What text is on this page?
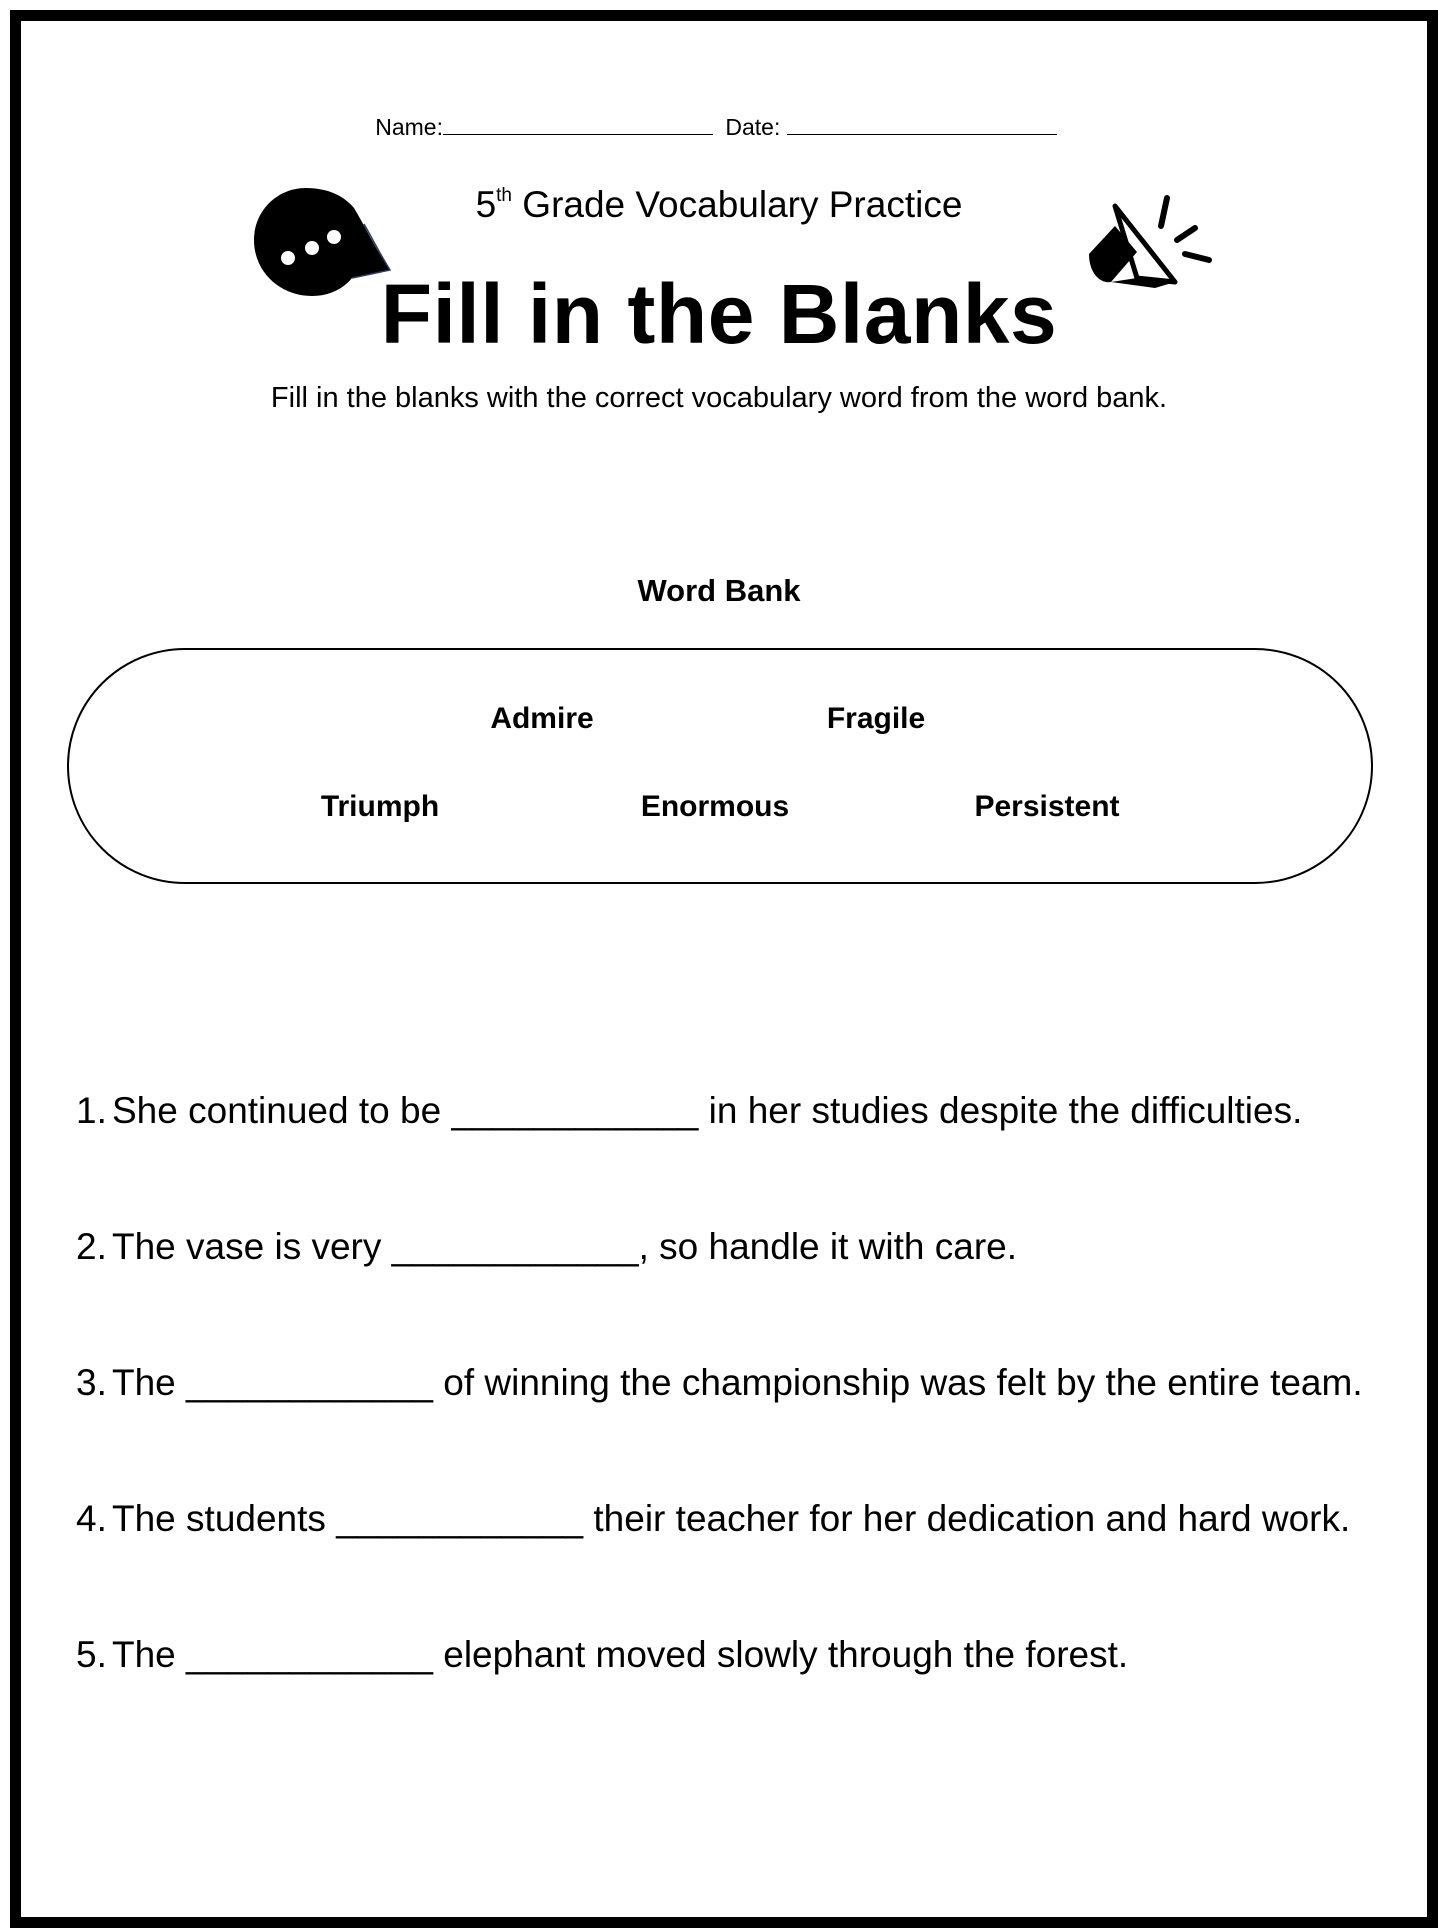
Name:	Date:
5th Grade Vocabulary Practice
Fill in the Blanks
Fill in the blanks with the correct vocabulary word from the word bank.
Word Bank
Admire	Fragile
Triumph	Enormous	Persistent
1. She continued to be ____________ in her studies despite the difficulties.
2. The vase is very ____________, so handle it with care.
3. The ____________ of winning the championship was felt by the entire team.
4. The students ____________ their teacher for her dedication and hard work.
5. The ____________ elephant moved slowly through the forest.
